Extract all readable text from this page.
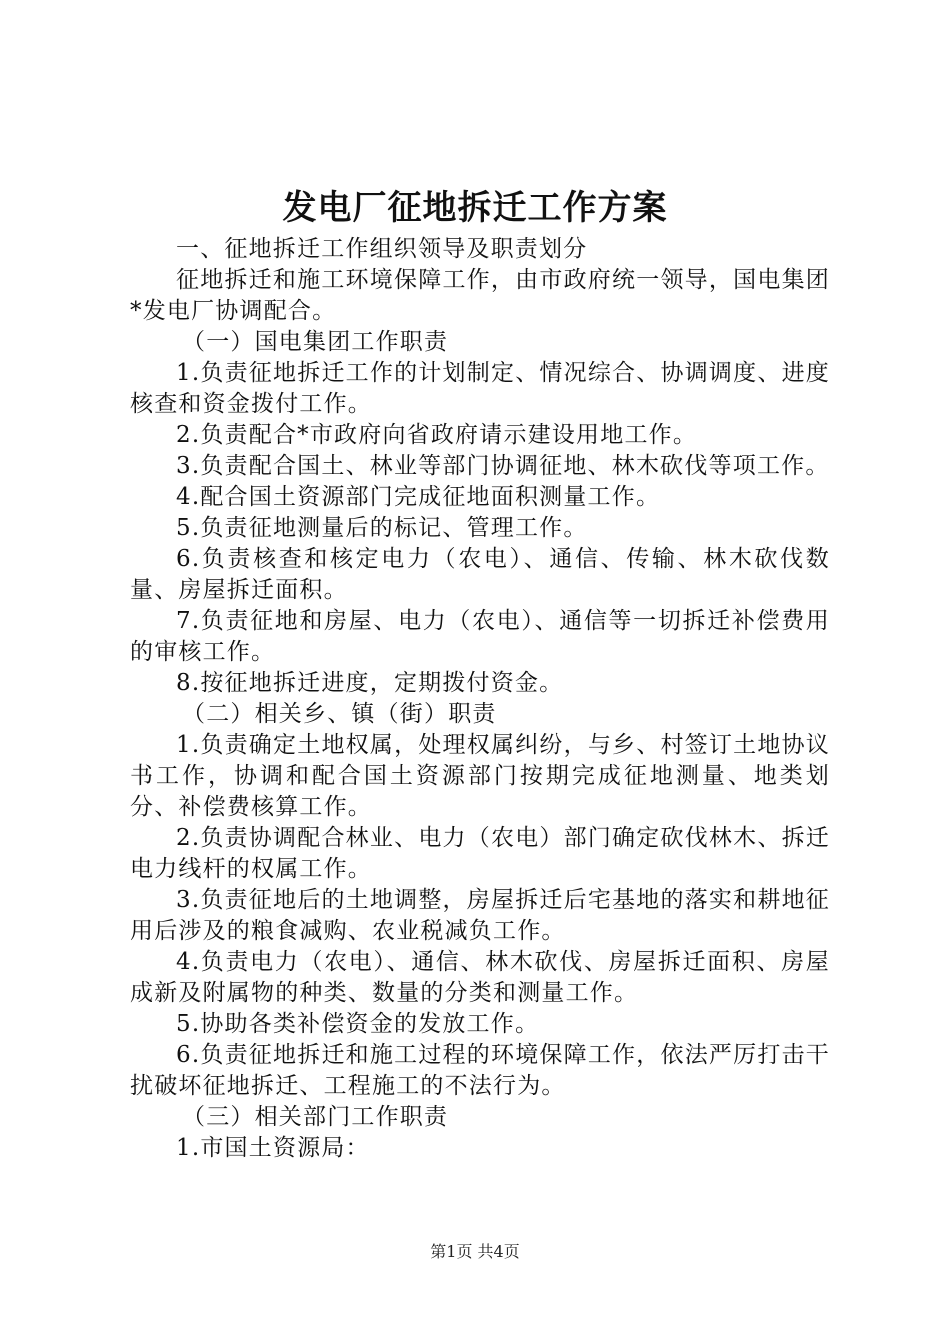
发电厂征地拆迁工作方案

一、征地拆迁工作组织领导及职责划分

征地拆迁和施工环境保障工作，由市政府统一领导，国电集团*发电厂协调配合。

（一）国电集团工作职责

1.负责征地拆迁工作的计划制定、情况综合、协调调度、进度核查和资金拨付工作。

2.负责配合*市政府向省政府请示建设用地工作。

3.负责配合国土、林业等部门协调征地、林木砍伐等项工作。

4.配合国土资源部门完成征地面积测量工作。

5.负责征地测量后的标记、管理工作。

6.负责核查和核定电力（农电）、通信、传输、林木砍伐数量、房屋拆迁面积。

7.负责征地和房屋、电力（农电）、通信等一切拆迁补偿费用的审核工作。

8.按征地拆迁进度，定期拨付资金。

（二）相关乡、镇（街）职责

1.负责确定土地权属，处理权属纠纷，与乡、村签订土地协议书工作，协调和配合国土资源部门按期完成征地测量、地类划分、补偿费核算工作。

2.负责协调配合林业、电力（农电）部门确定砍伐林木、拆迁电力线杆的权属工作。

3.负责征地后的土地调整，房屋拆迁后宅基地的落实和耕地征用后涉及的粮食减购、农业税减负工作。

4.负责电力（农电）、通信、林木砍伐、房屋拆迁面积、房屋成新及附属物的种类、数量的分类和测量工作。

5.协助各类补偿资金的发放工作。

6.负责征地拆迁和施工过程的环境保障工作，依法严厉打击干扰破坏征地拆迁、工程施工的不法行为。

（三）相关部门工作职责

1.市国土资源局：

第1页 共4页
